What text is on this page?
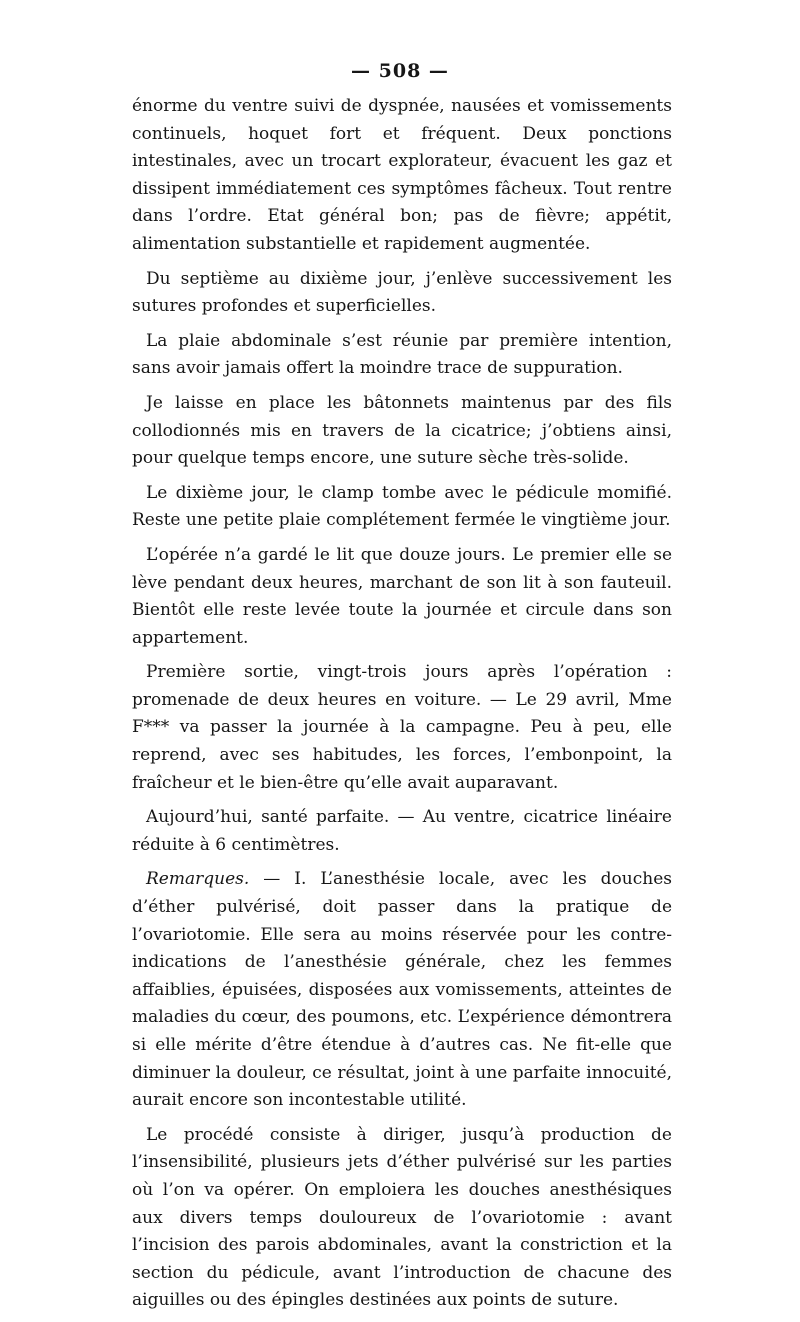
— 508 —

énorme du ventre suivi de dyspnée, nausées et vomissements continuels, hoquet fort et fréquent. Deux ponctions intestinales, avec un trocart explorateur, évacuent les gaz et dissipent immédiatement ces symptômes fâcheux. Tout rentre dans l’ordre. Etat général bon; pas de fièvre; appétit, alimentation substantielle et rapidement augmentée.

Du septième au dixième jour, j’enlève successivement les sutures profondes et superficielles.

La plaie abdominale s’est réunie par première intention, sans avoir jamais offert la moindre trace de suppuration.

Je laisse en place les bâtonnets maintenus par des fils collodionnés mis en travers de la cicatrice; j’obtiens ainsi, pour quelque temps encore, une suture sèche très-solide.

Le dixième jour, le clamp tombe avec le pédicule momifié. Reste une petite plaie complétement fermée le vingtième jour.

L’opérée n’a gardé le lit que douze jours. Le premier elle se lève pendant deux heures, marchant de son lit à son fauteuil. Bientôt elle reste levée toute la journée et circule dans son appartement.

Première sortie, vingt-trois jours après l’opération : promenade de deux heures en voiture. — Le 29 avril, Mme F*** va passer la journée à la campagne. Peu à peu, elle reprend, avec ses habitudes, les forces, l’embonpoint, la fraîcheur et le bien-être qu’elle avait auparavant.

Aujourd’hui, santé parfaite. — Au ventre, cicatrice linéaire réduite à 6 centimètres.

Remarques. — I. L’anesthésie locale, avec les douches d’éther pulvérisé, doit passer dans la pratique de l’ovariotomie. Elle sera au moins réservée pour les contre-indications de l’anesthésie générale, chez les femmes affaiblies, épuisées, disposées aux vomissements, atteintes de maladies du cœur, des poumons, etc. L’expérience démontrera si elle mérite d’être étendue à d’autres cas. Ne fit-elle que diminuer la douleur, ce résultat, joint à une parfaite innocuité, aurait encore son incontestable utilité.

Le procédé consiste à diriger, jusqu’à production de l’insensibilité, plusieurs jets d’éther pulvérisé sur les parties où l’on va opérer. On emploiera les douches anesthésiques aux divers temps douloureux de l’ovariotomie : avant l’incision des parois abdominales, avant la constriction et la section du pédicule, avant l’introduction de chacune des aiguilles ou des épingles destinées aux points de suture.
